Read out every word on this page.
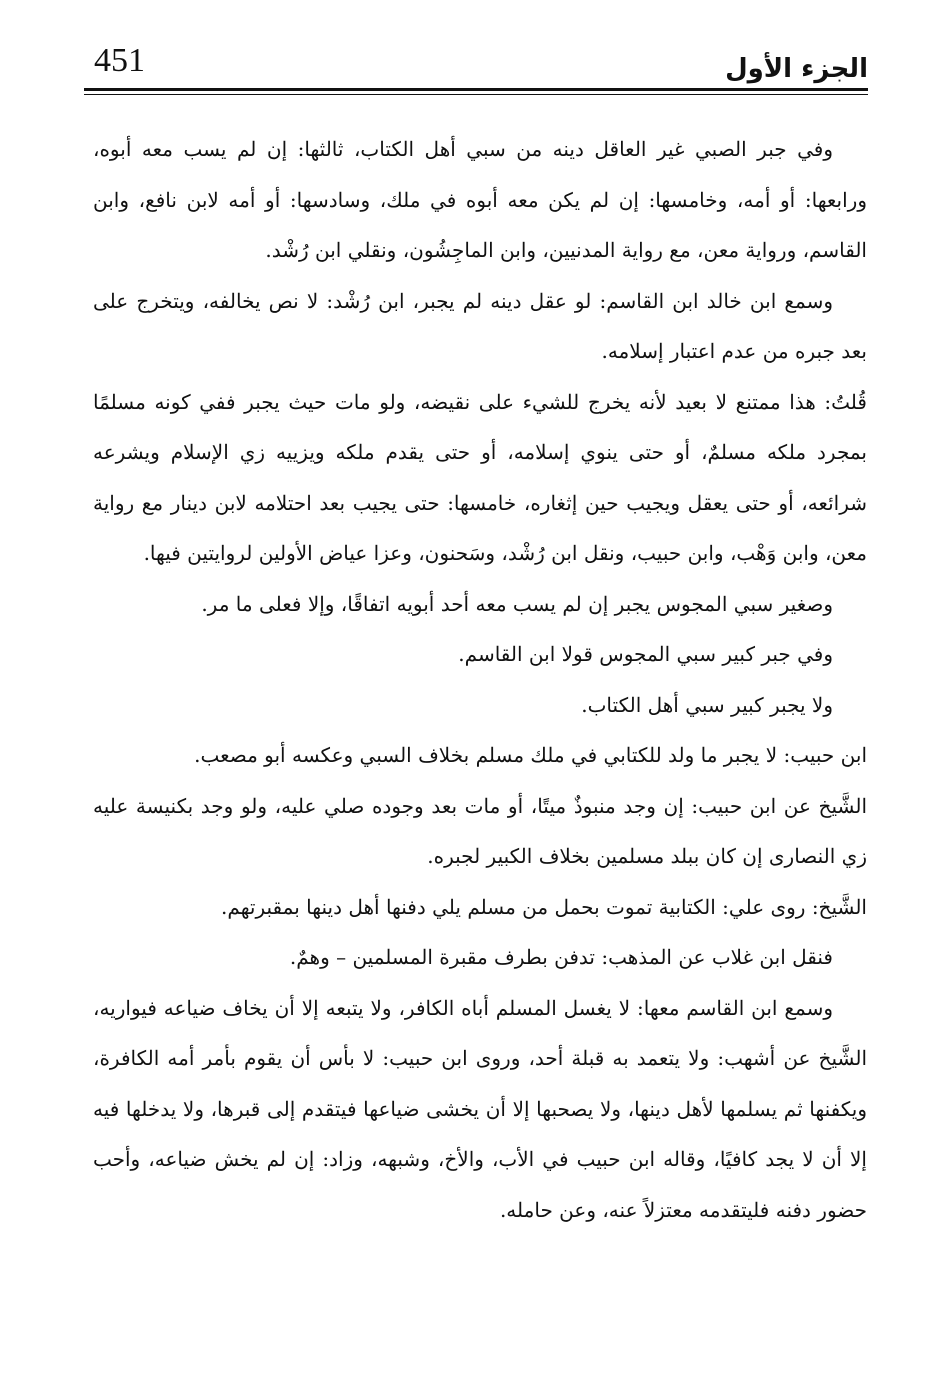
451	الجزء الأول

وفي جبر الصبي غير العاقل دينه من سبي أهل الكتاب، ثالثها: إن لم يسب معه أبوه، ورابعها: أو أمه، وخامسها: إن لم يكن معه أبوه في ملك، وسادسها: أو أمه لابن نافع، وابن القاسم، ورواية معن، مع رواية المدنيين، وابن الماجِشُون، ونقلي ابن رُشْد.

وسمع ابن خالد ابن القاسم: لو عقل دينه لم يجبر، ابن رُشْد: لا نص يخالفه، ويتخرج على بعد جبره من عدم اعتبار إسلامه.

قُلتُ: هذا ممتنع لا بعيد لأنه يخرج للشيء على نقيضه، ولو مات حيث يجبر ففي كونه مسلمًا بمجرد ملكه مسلمٌ، أو حتى ينوي إسلامه، أو حتى يقدم ملكه ويزييه زي الإسلام ويشرعه شرائعه، أو حتى يعقل ويجيب حين إثغاره، خامسها: حتى يجيب بعد احتلامه لابن دينار مع رواية معن، وابن وَهْب، وابن حبيب، ونقل ابن رُشْد، وسَحنون، وعزا عياض الأولين لروايتين فيها.

وصغير سبي المجوس يجبر إن لم يسب معه أحد أبويه اتفاقًا، وإلا فعلى ما مر.

وفي جبر كبير سبي المجوس قولا ابن القاسم.

ولا يجبر كبير سبي أهل الكتاب.

ابن حبيب: لا يجبر ما ولد للكتابي في ملك مسلم بخلاف السبي وعكسه أبو مصعب.

الشَّيخ عن ابن حبيب: إن وجد منبوذٌ ميتًا، أو مات بعد وجوده صلي عليه، ولو وجد بكنيسة عليه زي النصارى إن كان ببلد مسلمين بخلاف الكبير لجبره.

الشَّيخ: روى علي: الكتابية تموت بحمل من مسلم يلي دفنها أهل دينها بمقبرتهم.

فنقل ابن غلاب عن المذهب: تدفن بطرف مقبرة المسلمين – وهمٌ.

وسمع ابن القاسم معها: لا يغسل المسلم أباه الكافر، ولا يتبعه إلا أن يخاف ضياعه فيواريه، الشَّيخ عن أشهب: ولا يتعمد به قبلة أحد، وروى ابن حبيب: لا بأس أن يقوم بأمر أمه الكافرة، ويكفنها ثم يسلمها لأهل دينها، ولا يصحبها إلا أن يخشى ضياعها فيتقدم إلى قبرها، ولا يدخلها فيه إلا أن لا يجد كافيًا، وقاله ابن حبيب في الأب، والأخ، وشبهه، وزاد: إن لم يخش ضياعه، وأحب حضور دفنه فليتقدمه معتزلاً عنه، وعن حامله.
